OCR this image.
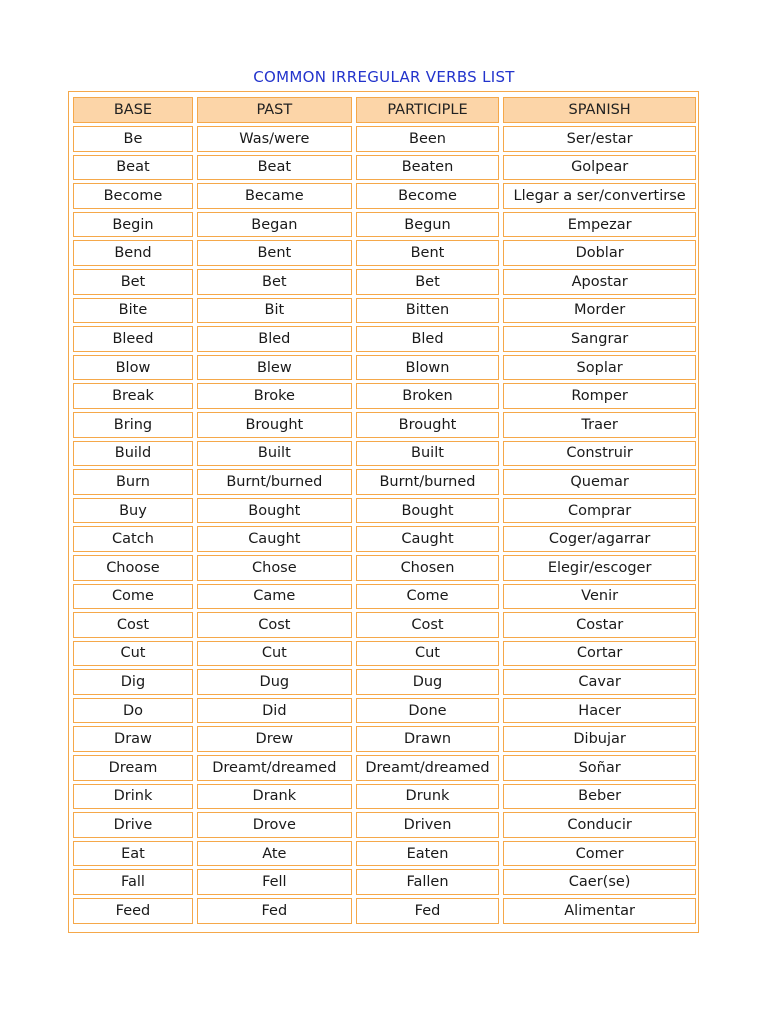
COMMON IRREGULAR VERBS LIST
BASE	PAST	PARTICIPLE	SPANISH
Be	Was/were	Been	Ser/estar
Beat	Beat	Beaten	Golpear
Become	Became	Become	Llegar a ser/convertirse
Begin	Began	Begun	Empezar
Bend	Bent	Bent	Doblar
Bet	Bet	Bet	Apostar
Bite	Bit	Bitten	Morder
Bleed	Bled	Bled	Sangrar
Blow	Blew	Blown	Soplar
Break	Broke	Broken	Romper
Bring	Brought	Brought	Traer
Build	Built	Built	Construir
Burn	Burnt/burned	Burnt/burned	Quemar
Buy	Bought	Bought	Comprar
Catch	Caught	Caught	Coger/agarrar
Choose	Chose	Chosen	Elegir/escoger
Come	Came	Come	Venir
Cost	Cost	Cost	Costar
Cut	Cut	Cut	Cortar
Dig	Dug	Dug	Cavar
Do	Did	Done	Hacer
Draw	Drew	Drawn	Dibujar
Dream	Dreamt/dreamed	Dreamt/dreamed	Soñar
Drink	Drank	Drunk	Beber
Drive	Drove	Driven	Conducir
Eat	Ate	Eaten	Comer
Fall	Fell	Fallen	Caer(se)
Feed	Fed	Fed	Alimentar
